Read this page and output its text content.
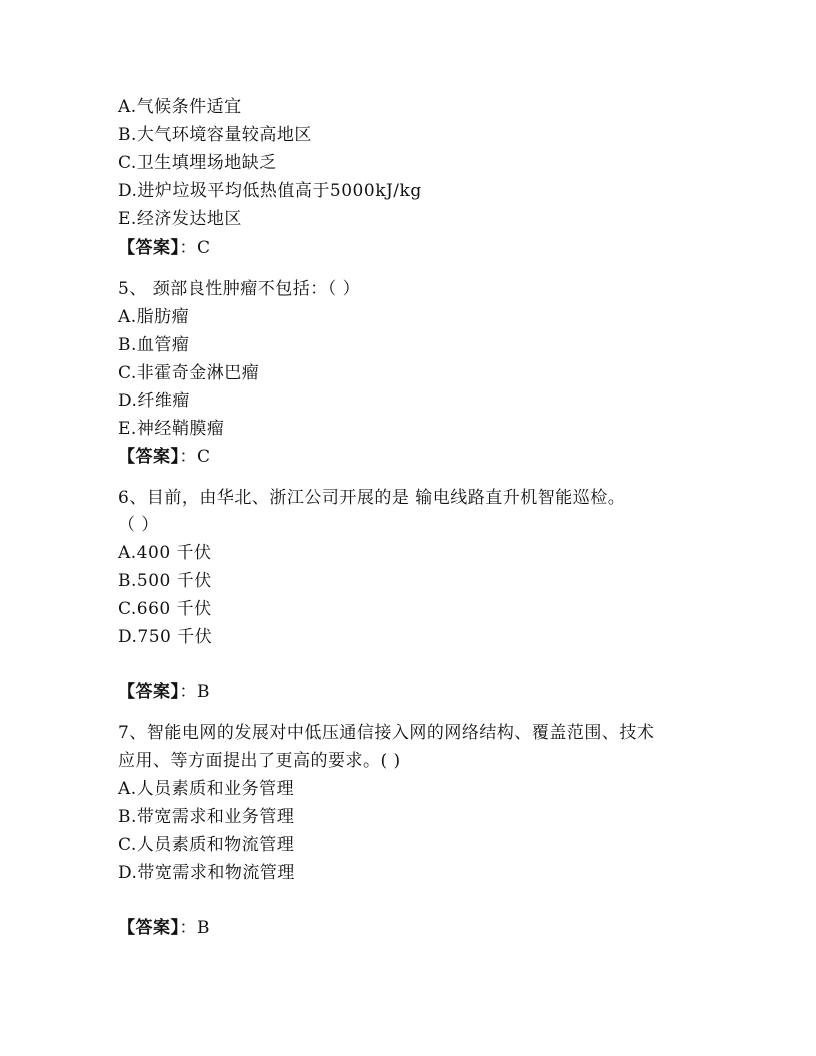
A.气候条件适宜
B.大气环境容量较高地区
C.卫生填埋场地缺乏
D.进炉垃圾平均低热值高于5000kJ/kg
E.经济发达地区
【答案】：C
5、 颈部良性肿瘤不包括：（ ）
A.脂肪瘤
B.血管瘤
C.非霍奇金淋巴瘤
D.纤维瘤
E.神经鞘膜瘤
【答案】：C
6、目前，由华北、浙江公司开展的是 输电线路直升机智能巡检。
（ ）
A.400 千伏
B.500 千伏
C.660 千伏
D.750 千伏
【答案】：B
7、智能电网的发展对中低压通信接入网的网络结构、覆盖范围、技术
应用、等方面提出了更高的要求。( )
A.人员素质和业务管理
B.带宽需求和业务管理
C.人员素质和物流管理
D.带宽需求和物流管理
【答案】：B
